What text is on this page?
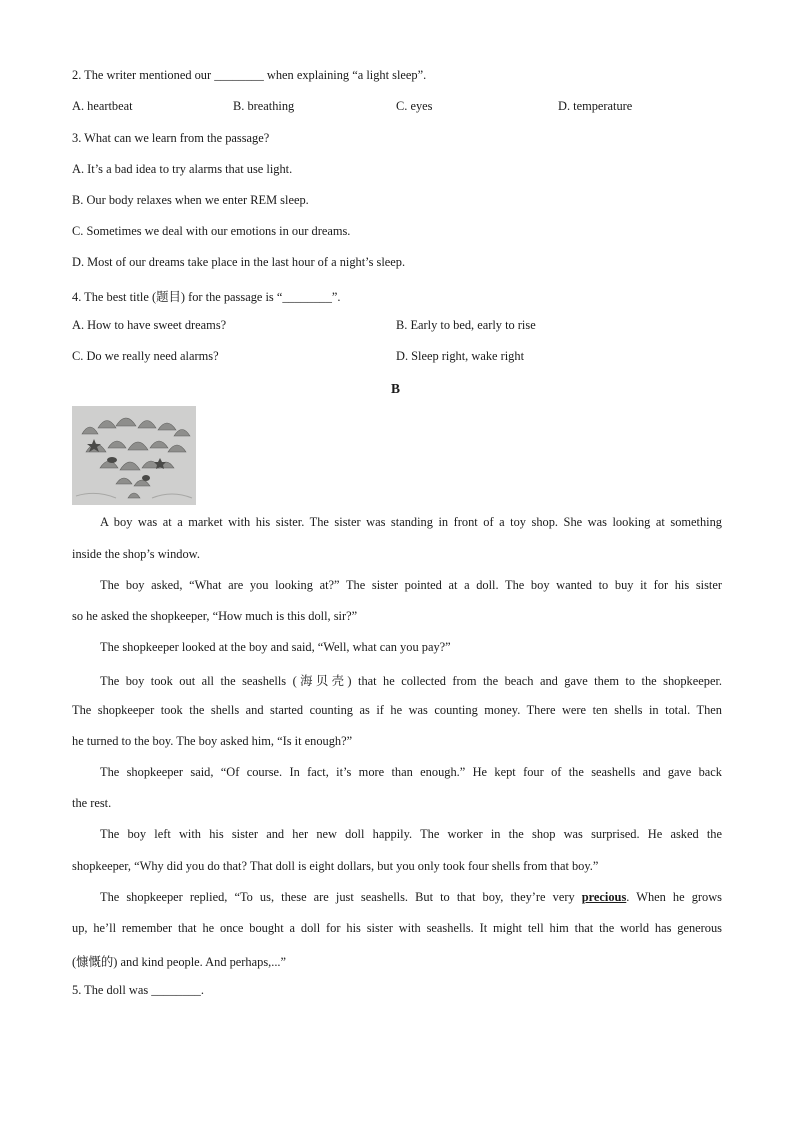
2. The writer mentioned our ________ when explaining “a light sleep”.
A. heartbeat	B. breathing	C. eyes	D. temperature
3. What can we learn from the passage?
A. It’s a bad idea to try alarms that use light.
B. Our body relaxes when we enter REM sleep.
C. Sometimes we deal with our emotions in our dreams.
D. Most of our dreams take place in the last hour of a night’s sleep.
4. The best title (题目) for the passage is “________”.
A. How to have sweet dreams?	B. Early to bed, early to rise
C. Do we really need alarms?	D. Sleep right, wake right
B
A boy was at a market with his sister. The sister was standing in front of a toy shop. She was looking at something
inside the shop’s window.
The boy asked, “What are you looking at?” The sister pointed at a doll. The boy wanted to buy it for his sister
so he asked the shopkeeper, “How much is this doll, sir?”
The shopkeeper looked at the boy and said, “Well, what can you pay?”
The boy took out all the seashells (海贝壳) that he collected from the beach and gave them to the shopkeeper.
The shopkeeper took the shells and started counting as if he was counting money. There were ten shells in total. Then
he turned to the boy. The boy asked him, “Is it enough?”
The shopkeeper said, “Of course. In fact, it’s more than enough.” He kept four of the seashells and gave back
the rest.
The boy left with his sister and her new doll happily. The worker in the shop was surprised. He asked the
shopkeeper, “Why did you do that? That doll is eight dollars, but you only took four shells from that boy.”
The shopkeeper replied, “To us, these are just seashells. But to that boy, they’re very precious. When he grows
up, he’ll remember that he once bought a doll for his sister with seashells. It might tell him that the world has generous
(慷慨的) and kind people. And perhaps,...”
5. The doll was ________.
